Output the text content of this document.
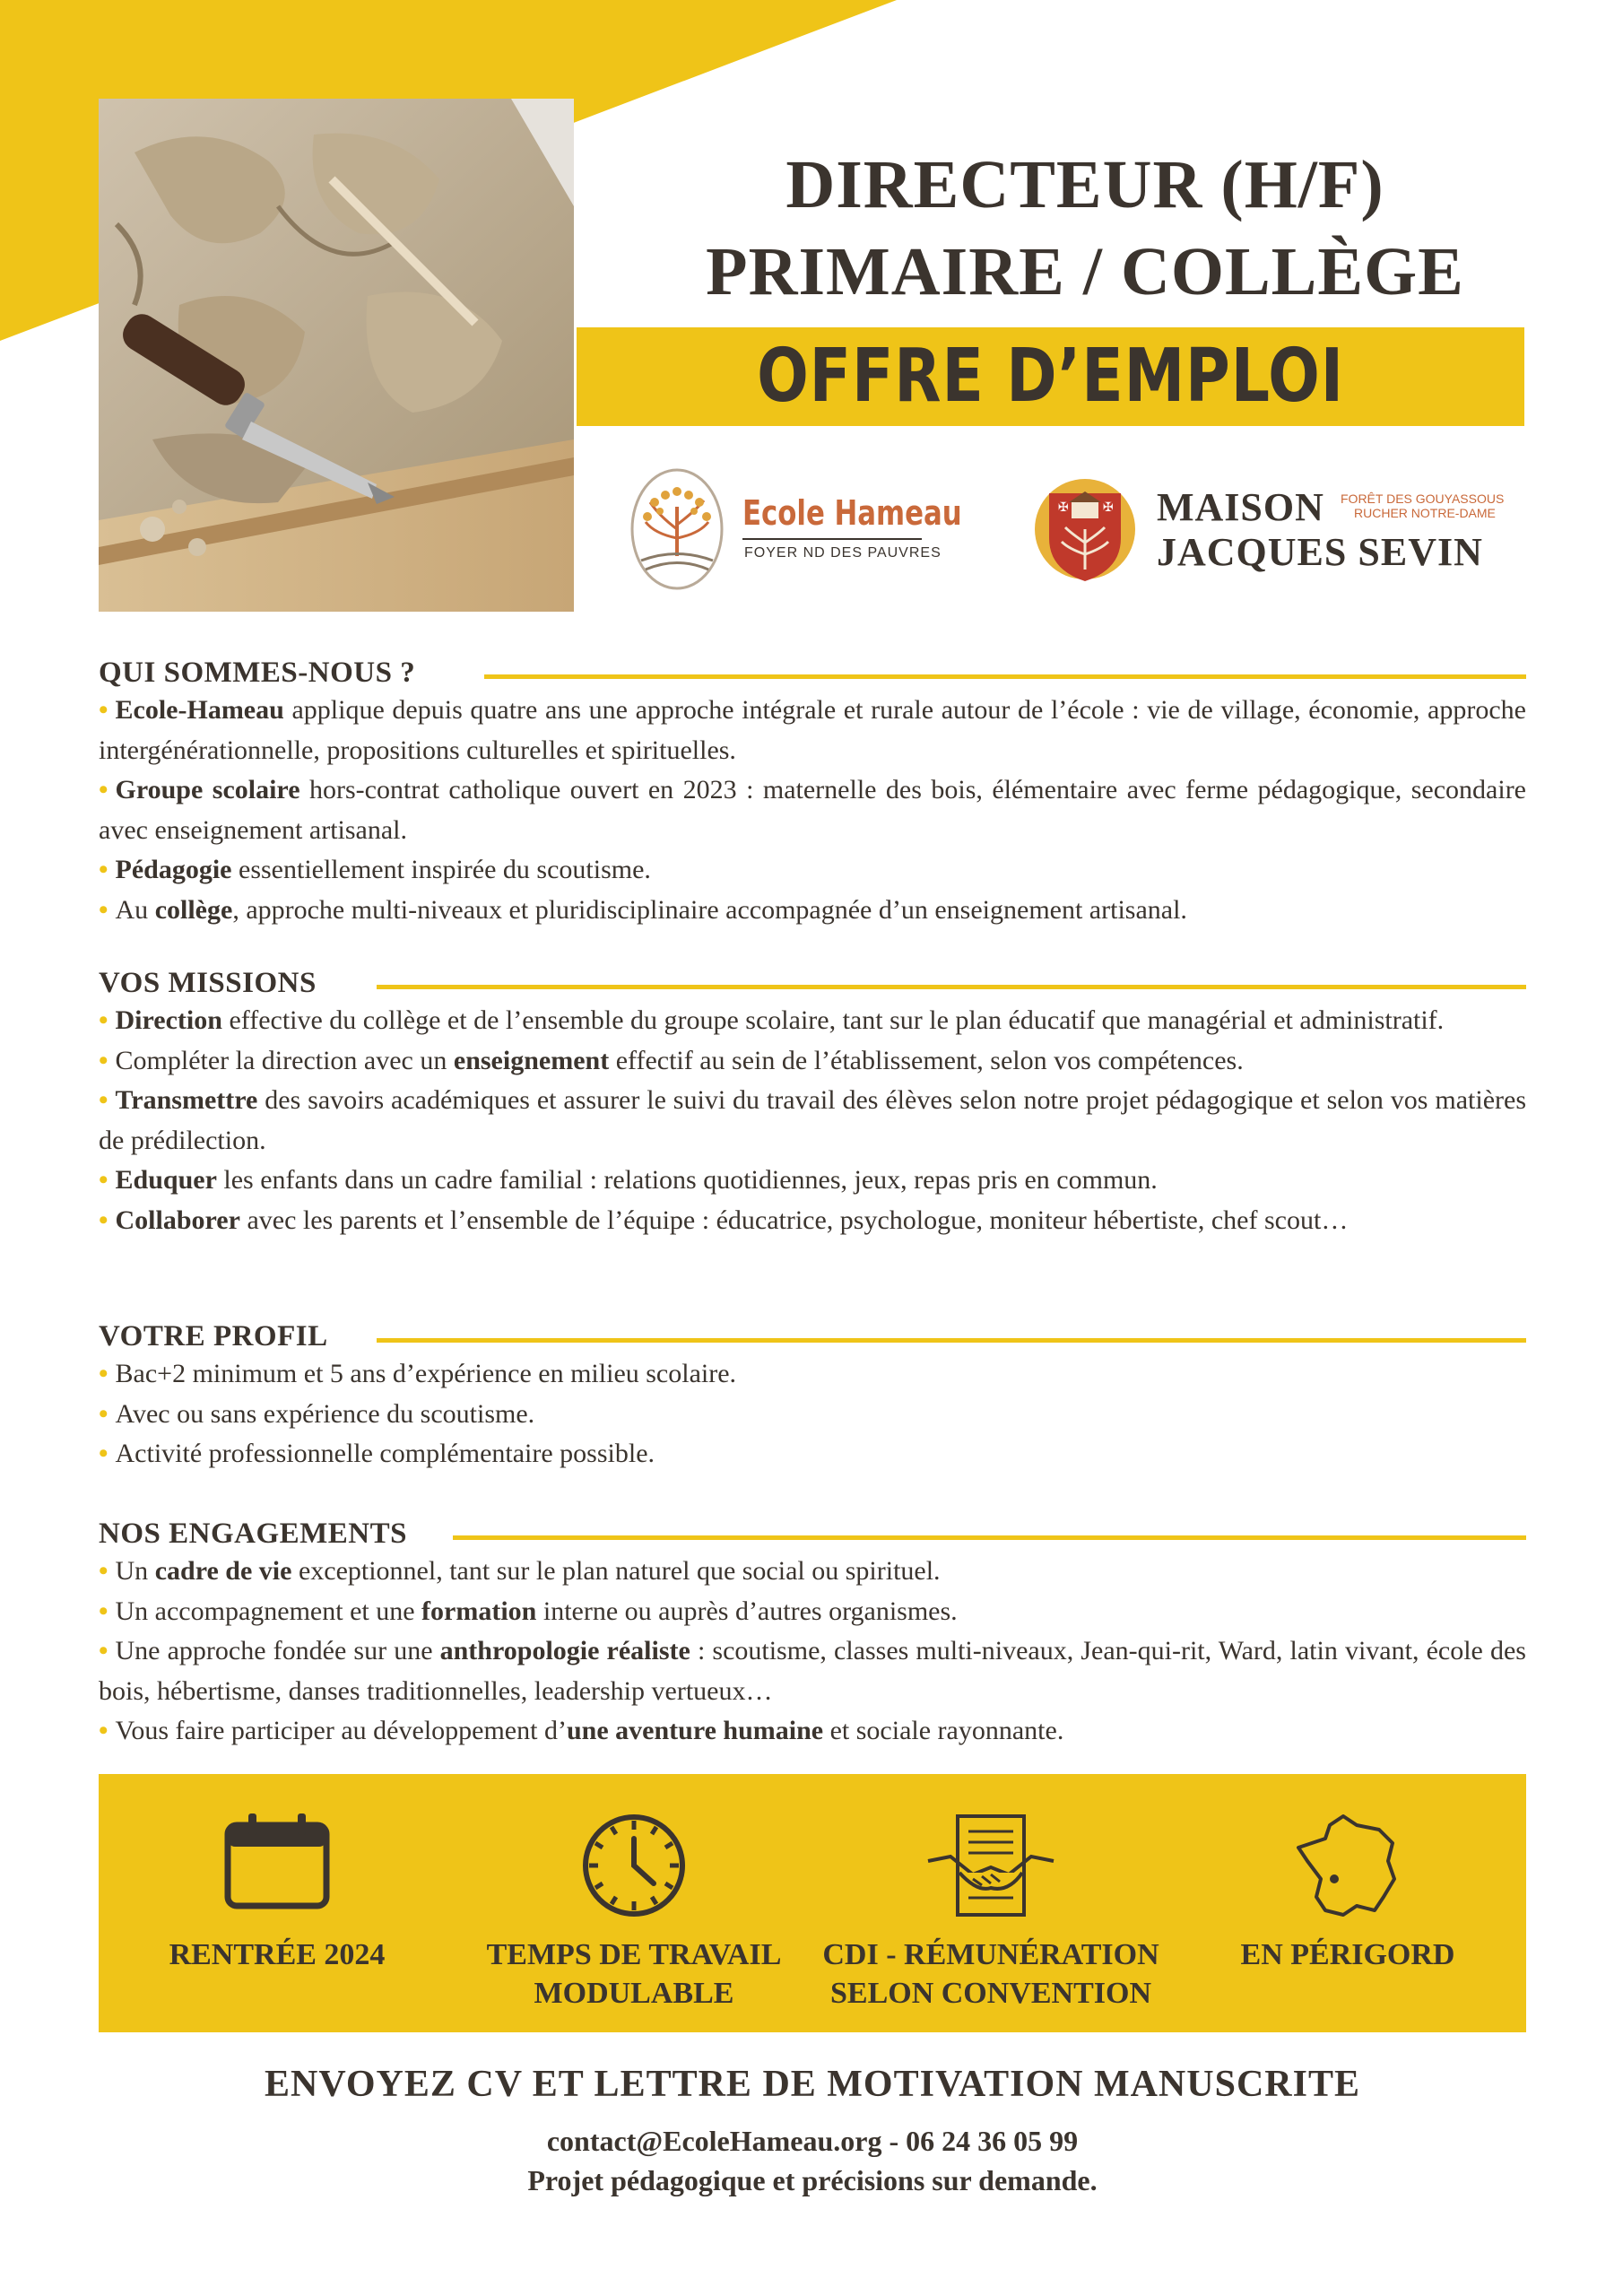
DIRECTEUR (H/F)
PRIMAIRE / COLLÈGE
OFFRE D’EMPLOI
Ecole Hameau
FOYER ND DES PAUVRES
✠	✠ MAISON
JACQUES SEVIN
FORÊT DES GOUYASSOUS
RUCHER NOTRE-DAME
QUI SOMMES-NOUS ?
• Ecole-Hameau applique depuis quatre ans une approche intégrale et rurale autour de l’école : vie de village, économie, approche intergénérationnelle, propositions culturelles et spirituelles.
• Groupe scolaire hors-contrat catholique ouvert en 2023 : maternelle des bois, élémentaire avec ferme pédagogique, secondaire avec enseignement artisanal.
• Pédagogie essentiellement inspirée du scoutisme.
• Au collège, approche multi-niveaux et pluridisciplinaire accompagnée d’un enseignement artisanal.
VOS MISSIONS
• Direction effective du collège et de l’ensemble du groupe scolaire, tant sur le plan éducatif que managérial et administratif.
• Compléter la direction avec un enseignement effectif au sein de l’établissement, selon vos compétences.
• Transmettre des savoirs académiques et assurer le suivi du travail des élèves selon notre projet pédagogique et selon vos matières de prédilection.
• Eduquer les enfants dans un cadre familial : relations quotidiennes, jeux, repas pris en commun.
• Collaborer avec les parents et l’ensemble de l’équipe : éducatrice, psychologue, moniteur hébertiste, chef scout…
VOTRE PROFIL
• Bac+2 minimum et 5 ans d’expérience en milieu scolaire.
• Avec ou sans expérience du scoutisme.
• Activité professionnelle complémentaire possible.
NOS ENGAGEMENTS
• Un cadre de vie exceptionnel, tant sur le plan naturel que social ou spirituel.
• Un accompagnement et une formation interne ou auprès d’autres organismes.
• Une approche fondée sur une anthropologie réaliste : scoutisme, classes multi-niveaux, Jean-qui-rit, Ward, latin vivant, école des bois, hébertisme, danses traditionnelles, leadership vertueux…
• Vous faire participer au développement d’une aventure humaine et sociale rayonnante.
RENTRÉE 2024	TEMPS DE TRAVAIL
MODULABLE
CDI - RÉMUNÉRATION
SELON CONVENTION
EN PÉRIGORD
ENVOYEZ CV ET LETTRE DE MOTIVATION MANUSCRITE
contact@EcoleHameau.org - 06 24 36 05 99
Projet pédagogique et précisions sur demande.
